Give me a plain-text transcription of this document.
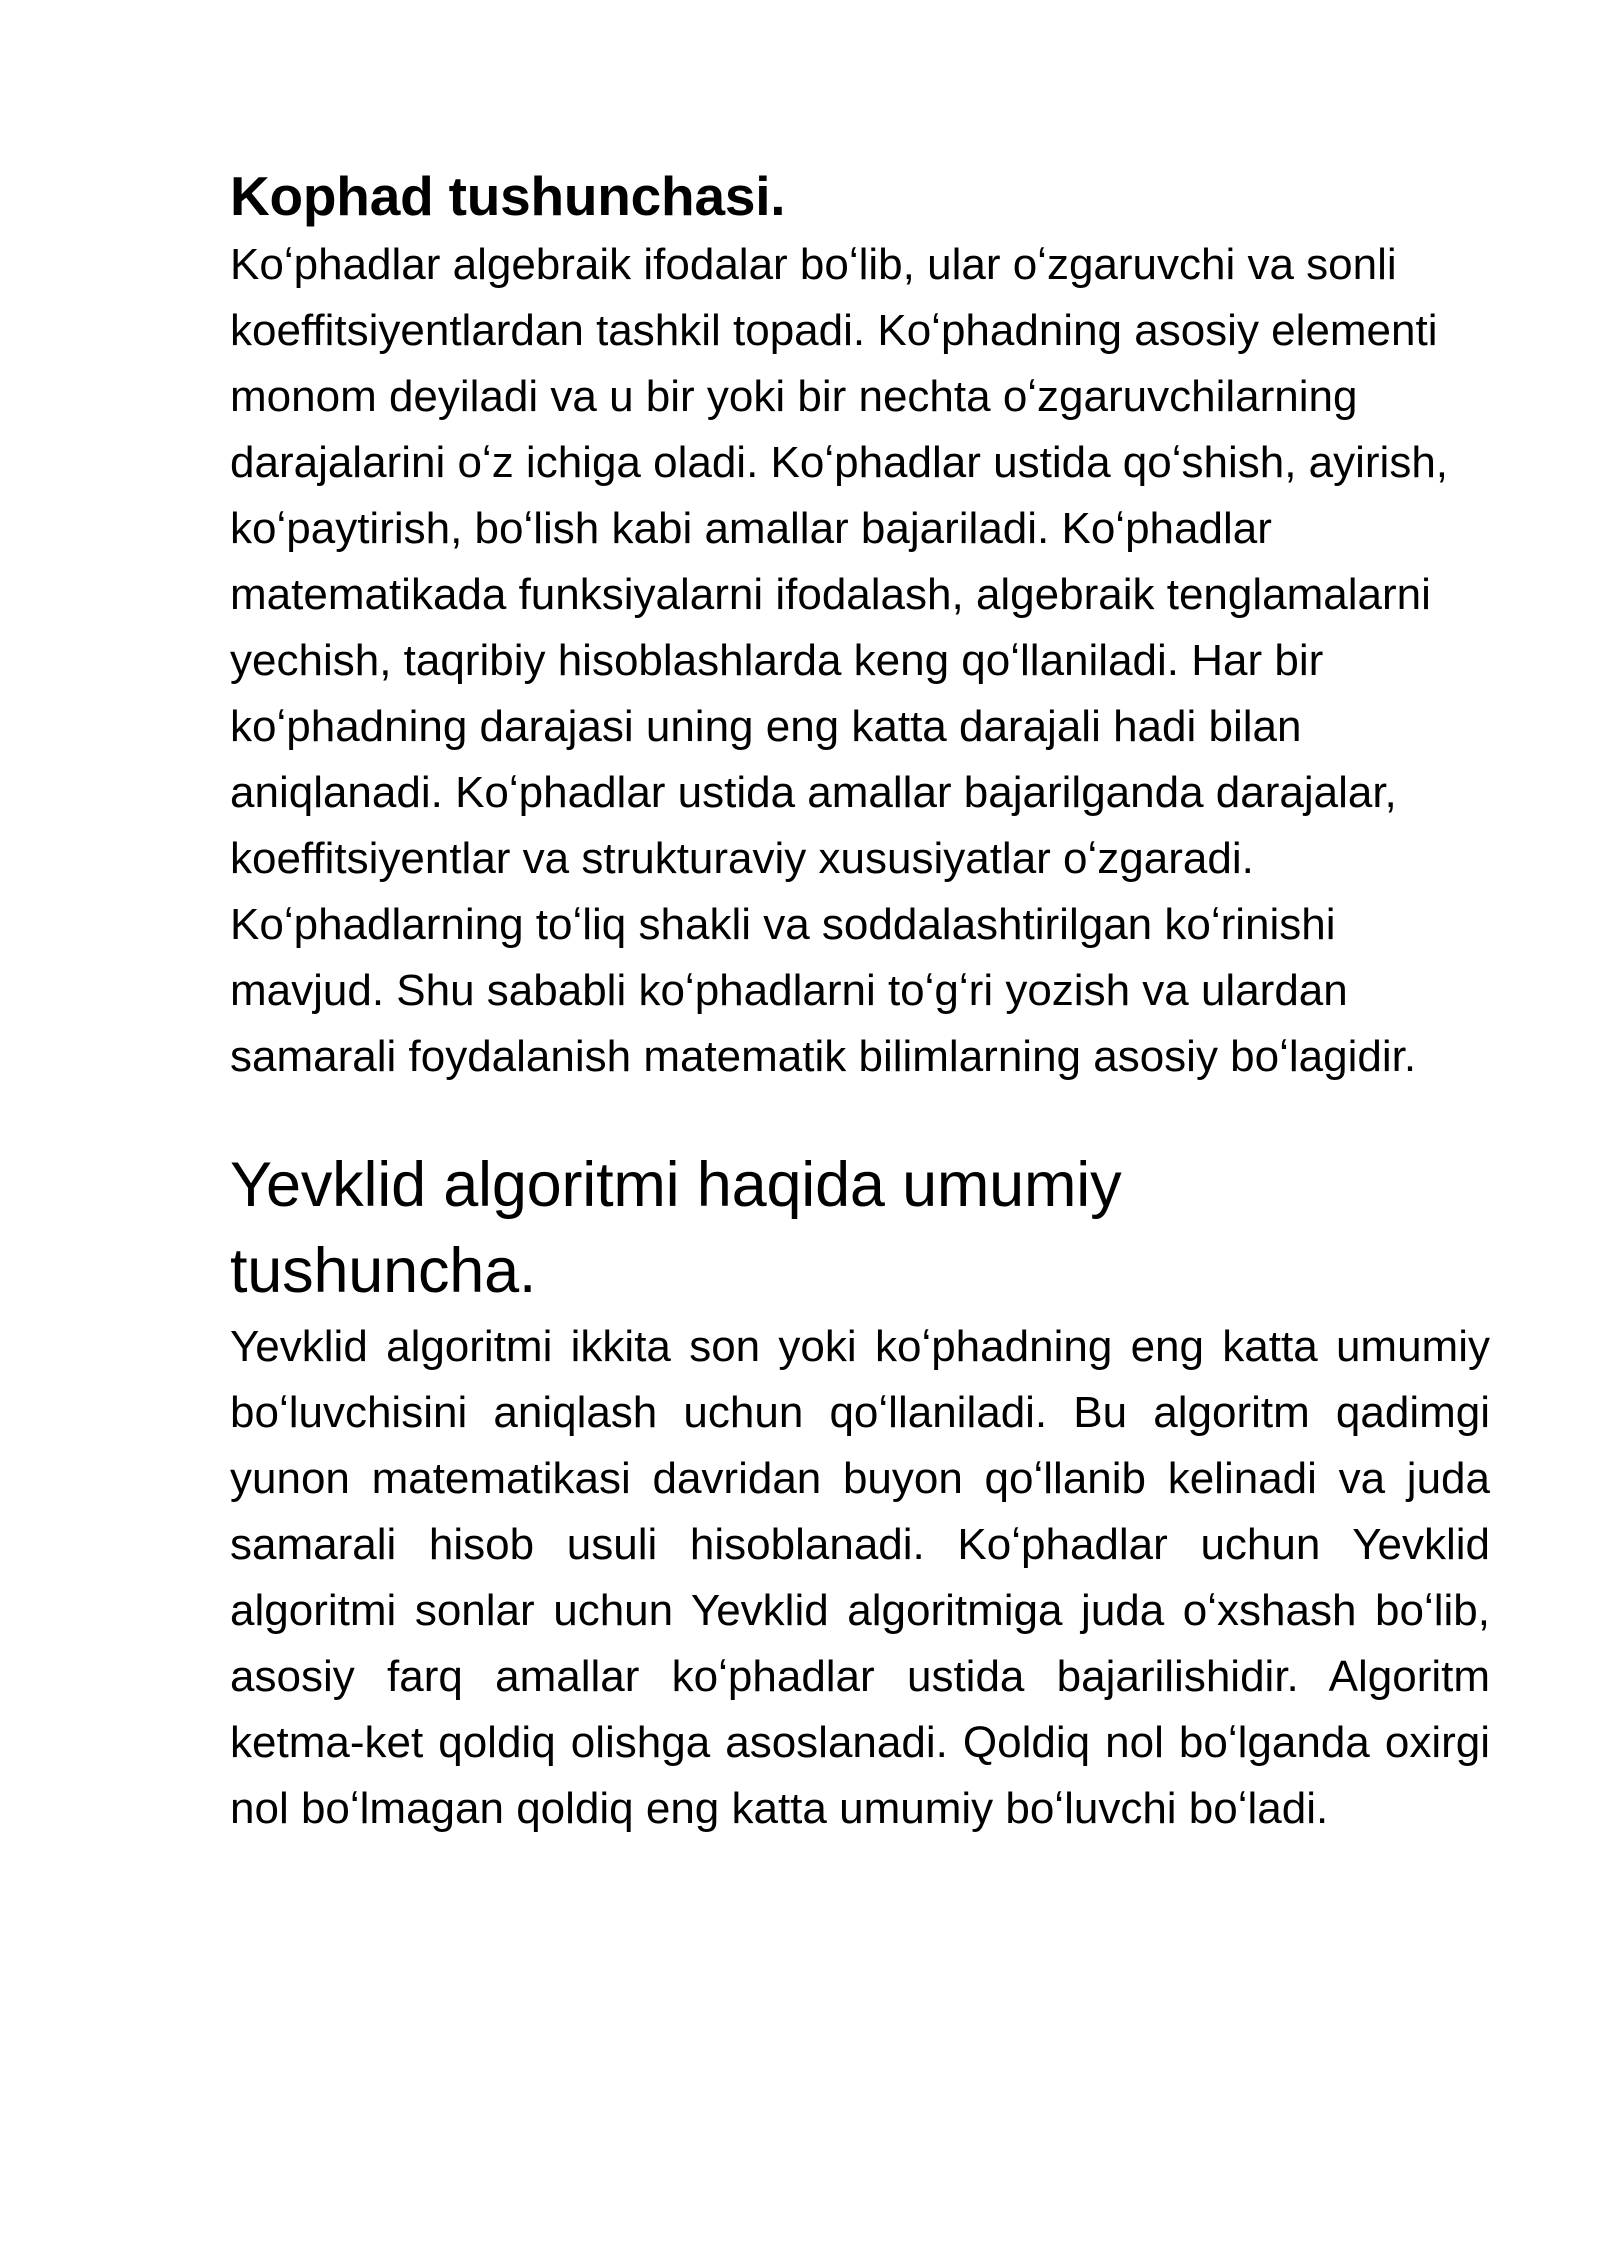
Kophad tushunchasi.

Koʻphadlar algebraik ifodalar boʻlib, ular oʻzgaruvchi va sonli koeffitsiyentlardan tashkil topadi. Koʻphadning asosiy elementi monom deyiladi va u bir yoki bir nechta oʻzgaruvchilarning darajalarini oʻz ichiga oladi. Koʻphadlar ustida qoʻshish, ayirish, koʻpaytirish, boʻlish kabi amallar bajariladi. Koʻphadlar matematikada funksiyalarni ifodalash, algebraik tenglamalarni yechish, taqribiy hisoblashlarda keng qoʻllaniladi. Har bir koʻphadning darajasi uning eng katta darajali hadi bilan aniqlanadi. Koʻphadlar ustida amallar bajarilganda darajalar, koeffitsiyentlar va strukturaviy xususiyatlar oʻzgaradi. Koʻphadlarning toʻliq shakli va soddalashtirilgan koʻrinishi mavjud. Shu sababli koʻphadlarni toʻgʻri yozish va ulardan samarali foydalanish matematik bilimlarning asosiy boʻlagidir.

Yevklid algoritmi haqida umumiy tushuncha.

Yevklid algoritmi ikkita son yoki koʻphadning eng katta umumiy boʻluvchisini aniqlash uchun qoʻllaniladi. Bu algoritm qadimgi yunon matematikasi davridan buyon qoʻllanib kelinadi va juda samarali hisob usuli hisoblanadi. Koʻphadlar uchun Yevklid algoritmi sonlar uchun Yevklid algoritmiga juda oʻxshash boʻlib, asosiy farq amallar koʻphadlar ustida bajarilishidir. Algoritm ketma-ket qoldiq olishga asoslanadi. Qoldiq nol boʻlganda oxirgi nol boʻlmagan qoldiq eng katta umumiy boʻluvchi boʻladi.
